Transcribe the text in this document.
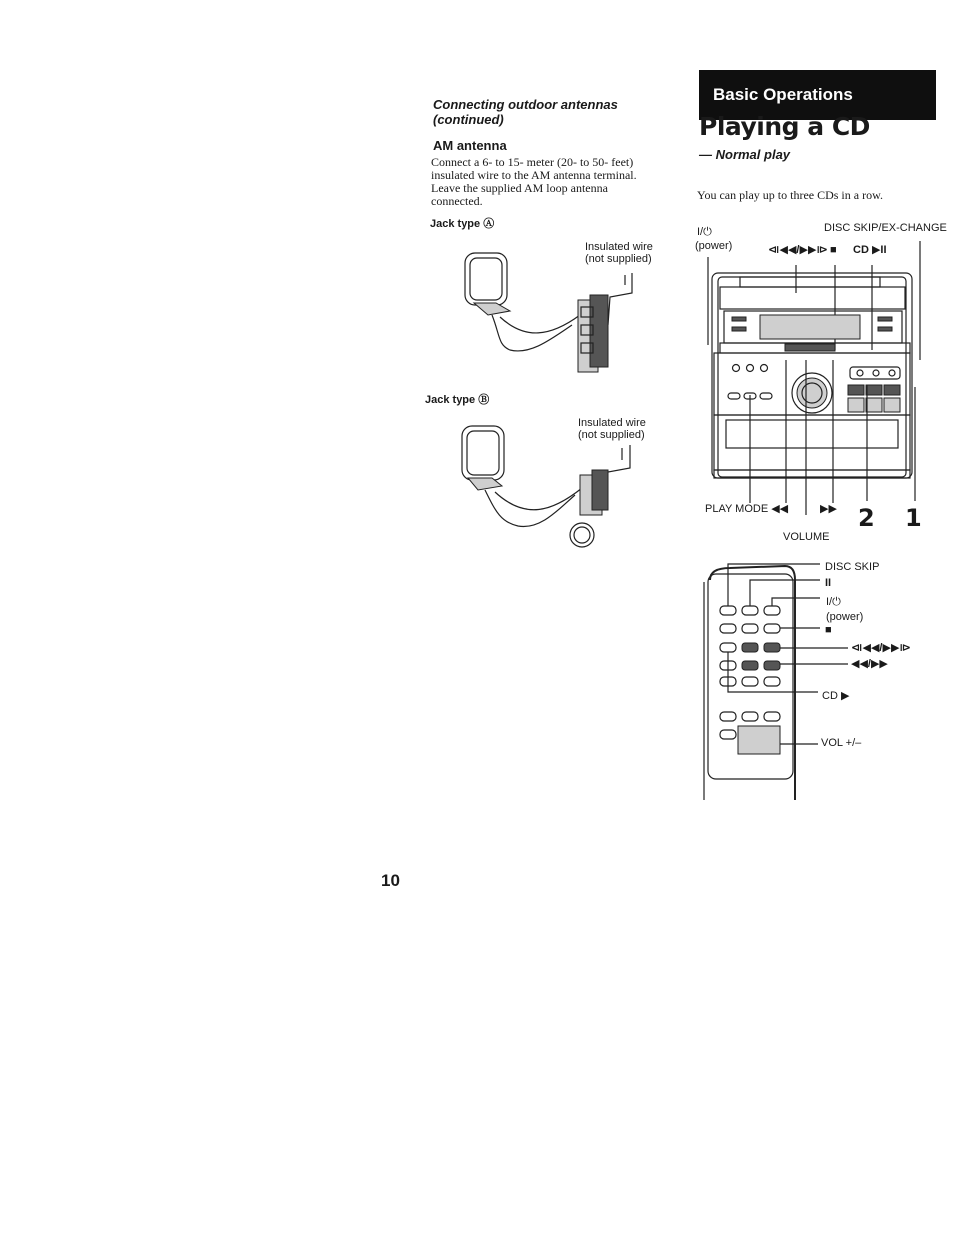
Connecting outdoor antennas
(continued)
AM antenna
Connect a 6- to 15- meter (20- to 50- feet)
insulated wire to the AM antenna terminal.
Leave the supplied AM loop antenna
connected.
Jack type Ⓐ
Insulated wire
(not supplied)
Jack type Ⓑ
Insulated wire
(not supplied)
Basic Operations
Playing a CD
— Normal play
You can play up to three CDs in a row.
I/⏻
(power)	⧏◀◀/▶▶⧐ ■ CD ▶II
DISC SKIP/EX-CHANGE
PLAY MODE ◀◀	▶▶ 2 1
VOLUME
DISC SKIP
II
I/⏻
(power)
■
⧏◀◀/▶▶⧐
◀◀/▶▶
CD ▶
VOL +/–
10
